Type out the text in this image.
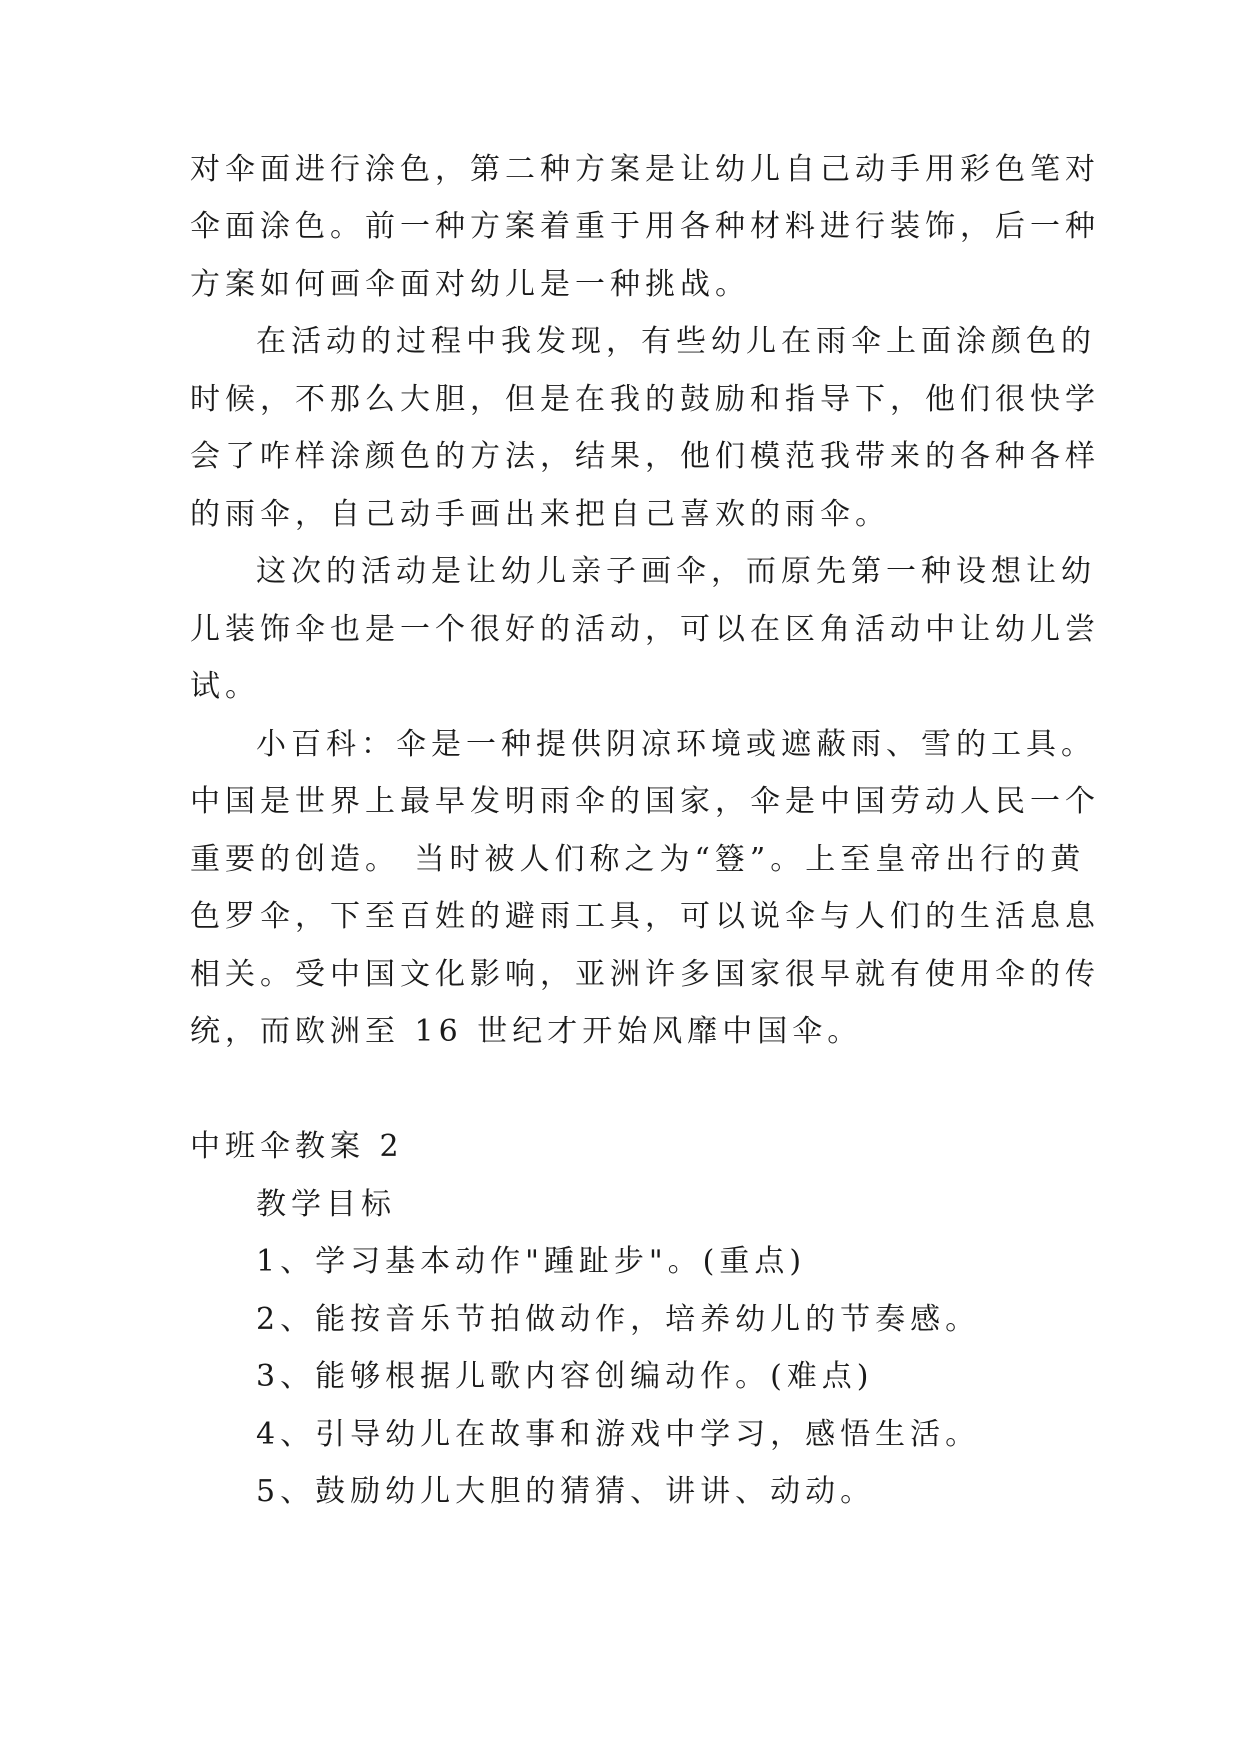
对伞面进行涂色，第二种方案是让幼儿自己动手用彩色笔对
伞面涂色。前一种方案着重于用各种材料进行装饰，后一种
方案如何画伞面对幼儿是一种挑战。
在活动的过程中我发现，有些幼儿在雨伞上面涂颜色的
时候，不那么大胆，但是在我的鼓励和指导下，他们很快学
会了咋样涂颜色的方法，结果，他们模范我带来的各种各样
的雨伞，自己动手画出来把自己喜欢的雨伞。
这次的活动是让幼儿亲子画伞，而原先第一种设想让幼
儿装饰伞也是一个很好的活动，可以在区角活动中让幼儿尝
试。
小百科：伞是一种提供阴凉环境或遮蔽雨、雪的工具。
中国是世界上最早发明雨伞的国家，伞是中国劳动人民一个
重要的创造。 当时被人们称之为“簦”。上至皇帝出行的黄
色罗伞，下至百姓的避雨工具，可以说伞与人们的生活息息
相关。受中国文化影响，亚洲许多国家很早就有使用伞的传
统，而欧洲至 16 世纪才开始风靡中国伞。
中班伞教案 2
教学目标
1、学习基本动作"踵趾步"。(重点)
2、能按音乐节拍做动作，培养幼儿的节奏感。
3、能够根据儿歌内容创编动作。(难点)
4、引导幼儿在故事和游戏中学习，感悟生活。
5、鼓励幼儿大胆的猜猜、讲讲、动动。
